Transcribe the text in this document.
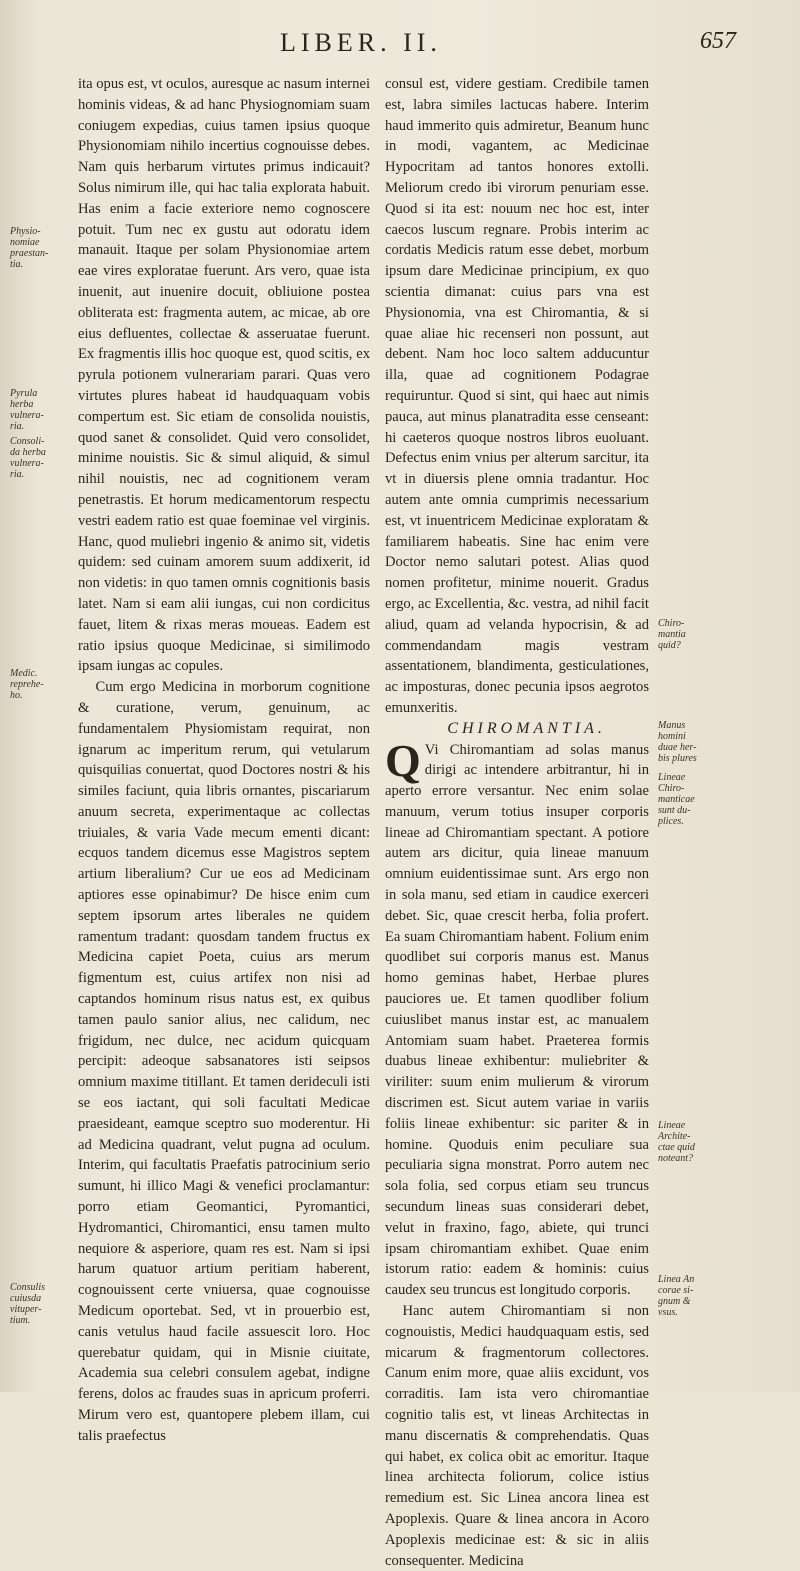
LIBER. II.	657
Physio-
nomiae
praestan-
tia.
Pyrula
herba
vulnera-
ria.
Consoli-
da herba
vulnera-
ria.
Medic.
reprehe-
ho.
Consulis
cuiusda
vituper-
tium.
Chiro-
mantia
quid?
Manus
homini
duae her-
bis plures
Lineae
Chiro-
manticae
sunt du-
plices.
Lineae
Archite-
ctae quid
noteant?
Linea An
corae si-
gnum &
vsus.

ita opus est, vt oculos, auresque ac nasum internei hominis videas, & ad hanc Physiognomiam suam coniugem expedias, cuius tamen ipsius quoque Physionomiam nihilo incertius cognouisse debes. Nam quis herbarum virtutes primus indicauit? Solus nimirum ille, qui hac talia explorata habuit. Has enim a facie exteriore nemo cognoscere potuit. Tum nec ex gustu aut odoratu idem manauit. Itaque per solam Physionomiae artem eae vires exploratae fuerunt. Ars vero, quae ista inuenit, aut inuenire docuit, obliuione postea obliterata est: fragmenta autem, ac micae, ab ore eius defluentes, collectae & asseruatae fuerunt. Ex fragmentis illis hoc quoque est, quod scitis, ex pyrula potionem vulnerariam parari. Quas vero virtutes plures habeat id haudquaquam vobis compertum est. Sic etiam de consolida nouistis, quod sanet & consolidet. Quid vero consolidet, minime nouistis. Sic & simul aliquid, & simul nihil nouistis, nec ad cognitionem veram penetrastis. Et horum medicamentorum respectu vestri eadem ratio est quae foeminae vel virginis. Hanc, quod muliebri ingenio & animo sit, videtis quidem: sed cuinam amorem suum addixerit, id non videtis: in quo tamen omnis cognitionis basis latet. Nam si eam alii iungas, cui non cordicitus fauet, litem & rixas meras moueas. Eadem est ratio ipsius quoque Medicinae, si similimodo ipsam iungas ac copules.

Cum ergo Medicina in morborum cognitione & curatione, verum, genuinum, ac fundamentalem Physiomistam requirat, non ignarum ac imperitum rerum, qui vetularum quisquilias conuertat, quod Doctores nostri & his similes faciunt, quia libris ornantes, piscariarum anuum secreta, experimentaque ac collectas triuiales, & varia Vade mecum ementi dicant: ecquos tandem dicemus esse Magistros septem artium liberalium? Cur ue eos ad Medicinam aptiores esse opinabimur? De hisce enim cum septem ipsorum artes liberales ne quidem ramentum tradant: quosdam tandem fructus ex Medicina capiet Poeta, cuius ars merum figmentum est, cuius artifex non nisi ad captandos hominum risus natus est, ex quibus tamen paulo sanior alius, nec calidum, nec frigidum, nec dulce, nec acidum quicquam percipit: adeoque sabsanatores isti seipsos omnium maxime titillant. Et tamen derideculi isti se eos iactant, qui soli facultati Medicae praesideant, eamque sceptro suo moderentur. Hi ad Medicina quadrant, velut pugna ad oculum. Interim, qui facultatis Praefatis patrocinium serio sumunt, hi illico Magi & venefici proclamantur: porro etiam Geomantici, Pyromantici, Hydromantici, Chiromantici, ensu tamen multo nequiore & asperiore, quam res est. Nam si ipsi harum quatuor artium peritiam haberent, cognouissent certe vniuersa, quae cognouisse Medicum oportebat. Sed, vt in prouerbio est, canis vetulus haud facile assuescit loro. Hoc querebatur quidam, qui in Misnie ciuitate, Academia sua celebri consulem agebat, indigne ferens, dolos ac fraudes suas in apricum proferri. Mirum vero est, quantopere plebem illam, cui talis praefectus

consul est, videre gestiam. Credibile tamen est, labra similes lactucas habere. Interim haud immerito quis admiretur, Beanum hunc in modi, vagantem, ac Medicinae Hypocritam ad tantos honores extolli. Meliorum credo ibi virorum penuriam esse. Quod si ita est: nouum nec hoc est, inter caecos luscum regnare. Probis interim ac cordatis Medicis ratum esse debet, morbum ipsum dare Medicinae principium, ex quo scientia dimanat: cuius pars vna est Physionomia, vna est Chiromantia, & si quae aliae hic recenseri non possunt, aut debent. Nam hoc loco saltem adducuntur illa, quae ad cognitionem Podagrae requiruntur. Quod si sint, qui haec aut nimis pauca, aut minus planatradita esse censeant: hi caeteros quoque nostros libros euoluant. Defectus enim vnius per alterum sarcitur, ita vt in diuersis plene omnia tradantur. Hoc autem ante omnia cumprimis necessarium est, vt inuentricem Medicinae exploratam & familiarem habeatis. Sine hac enim vere Doctor nemo salutari potest. Alias quod nomen profitetur, minime nouerit. Gradus ergo, ac Excellentia, &c. vestra, ad nihil facit aliud, quam ad velanda hypocrisin, & ad commendandam magis vestram assentationem, blandimenta, gesticulationes, ac imposturas, donec pecunia ipsos aegrotos emunxeritis.

CHIROMANTIA.

Q Vi Chiromantiam ad solas manus dirigi ac intendere arbitrantur, hi in aperto errore versantur. Nec enim solae manuum, verum totius insuper corporis lineae ad Chiromantiam spectant. A potiore autem ars dicitur, quia lineae manuum omnium euidentissimae sunt. Ars ergo non in sola manu, sed etiam in caudice exerceri debet. Sic, quae crescit herba, folia profert. Ea suam Chiromantiam habent. Folium enim quodlibet sui corporis manus est. Manus homo geminas habet, Herbae plures pauciores ue. Et tamen quodliber folium cuiuslibet manus instar est, ac manualem Antomiam suam habet. Praeterea formis duabus lineae exhibentur: muliebriter & viriliter: suum enim mulierum & virorum discrimen est. Sicut autem variae in variis foliis lineae exhibentur: sic pariter & in homine. Quoduis enim peculiare sua peculiaria signa monstrat. Porro autem nec sola folia, sed corpus etiam seu truncus secundum lineas suas considerari debet, velut in fraxino, fago, abiete, qui trunci ipsam chiromantiam exhibet. Quae enim istorum ratio: eadem & hominis: cuius caudex seu truncus est longitudo corporis.

Hanc autem Chiromantiam si non cognouistis, Medici haudquaquam estis, sed micarum & fragmentorum collectores. Canum enim more, quae aliis excidunt, vos corraditis. Iam ista vero chiromantiae cognitio talis est, vt lineas Architectas in manu discernatis & comprehendatis. Quas qui habet, ex colica obit ac emoritur. Itaque linea architecta foliorum, colice istius remedium est. Sic Linea ancora linea est Apoplexis. Quare & linea ancora in Acoro Apoplexis medicinae est: & sic in aliis consequenter. Medicina
